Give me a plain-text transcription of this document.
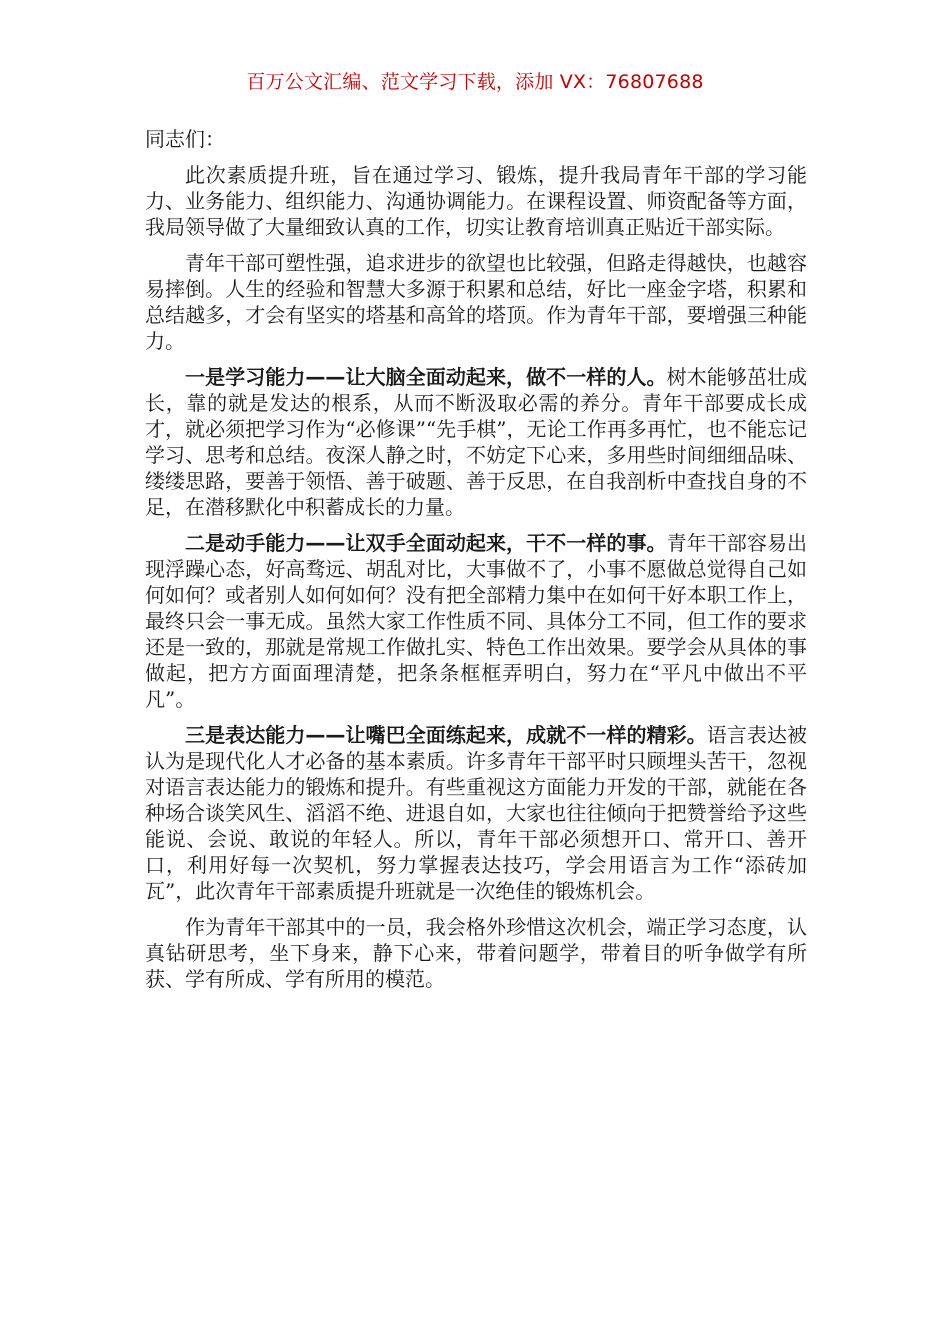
百万公文汇编、范文学习下载，添加 VX：76807688

同志们：

此次素质提升班，旨在通过学习、锻炼，提升我局青年干部的学习能力、业务能力、组织能力、沟通协调能力。在课程设置、师资配备等方面，我局领导做了大量细致认真的工作，切实让教育培训真正贴近干部实际。

青年干部可塑性强，追求进步的欲望也比较强，但路走得越快，也越容易摔倒。人生的经验和智慧大多源于积累和总结，好比一座金字塔，积累和总结越多，才会有坚实的塔基和高耸的塔顶。作为青年干部，要增强三种能力。

一是学习能力——让大脑全面动起来，做不一样的人。树木能够茁壮成长，靠的就是发达的根系，从而不断汲取必需的养分。青年干部要成长成才，就必须把学习作为“必修课”“先手棋”，无论工作再多再忙，也不能忘记学习、思考和总结。夜深人静之时，不妨定下心来，多用些时间细细品味、缕缕思路，要善于领悟、善于破题、善于反思，在自我剖析中查找自身的不足，在潜移默化中积蓄成长的力量。

二是动手能力——让双手全面动起来，干不一样的事。青年干部容易出现浮躁心态，好高骛远、胡乱对比，大事做不了，小事不愿做总觉得自己如何如何？或者别人如何如何？没有把全部精力集中在如何干好本职工作上，最终只会一事无成。虽然大家工作性质不同、具体分工不同，但工作的要求还是一致的，那就是常规工作做扎实、特色工作出效果。要学会从具体的事做起，把方方面面理清楚，把条条框框弄明白，努力在“平凡中做出不平凡”。

三是表达能力——让嘴巴全面练起来，成就不一样的精彩。语言表达被认为是现代化人才必备的基本素质。许多青年干部平时只顾埋头苦干，忽视对语言表达能力的锻炼和提升。有些重视这方面能力开发的干部，就能在各种场合谈笑风生、滔滔不绝、进退自如，大家也往往倾向于把赞誉给予这些能说、会说、敢说的年轻人。所以，青年干部必须想开口、常开口、善开口，利用好每一次契机，努力掌握表达技巧，学会用语言为工作“添砖加瓦”，此次青年干部素质提升班就是一次绝佳的锻炼机会。

作为青年干部其中的一员，我会格外珍惜这次机会，端正学习态度，认真钻研思考，坐下身来，静下心来，带着问题学，带着目的听争做学有所获、学有所成、学有所用的模范。
